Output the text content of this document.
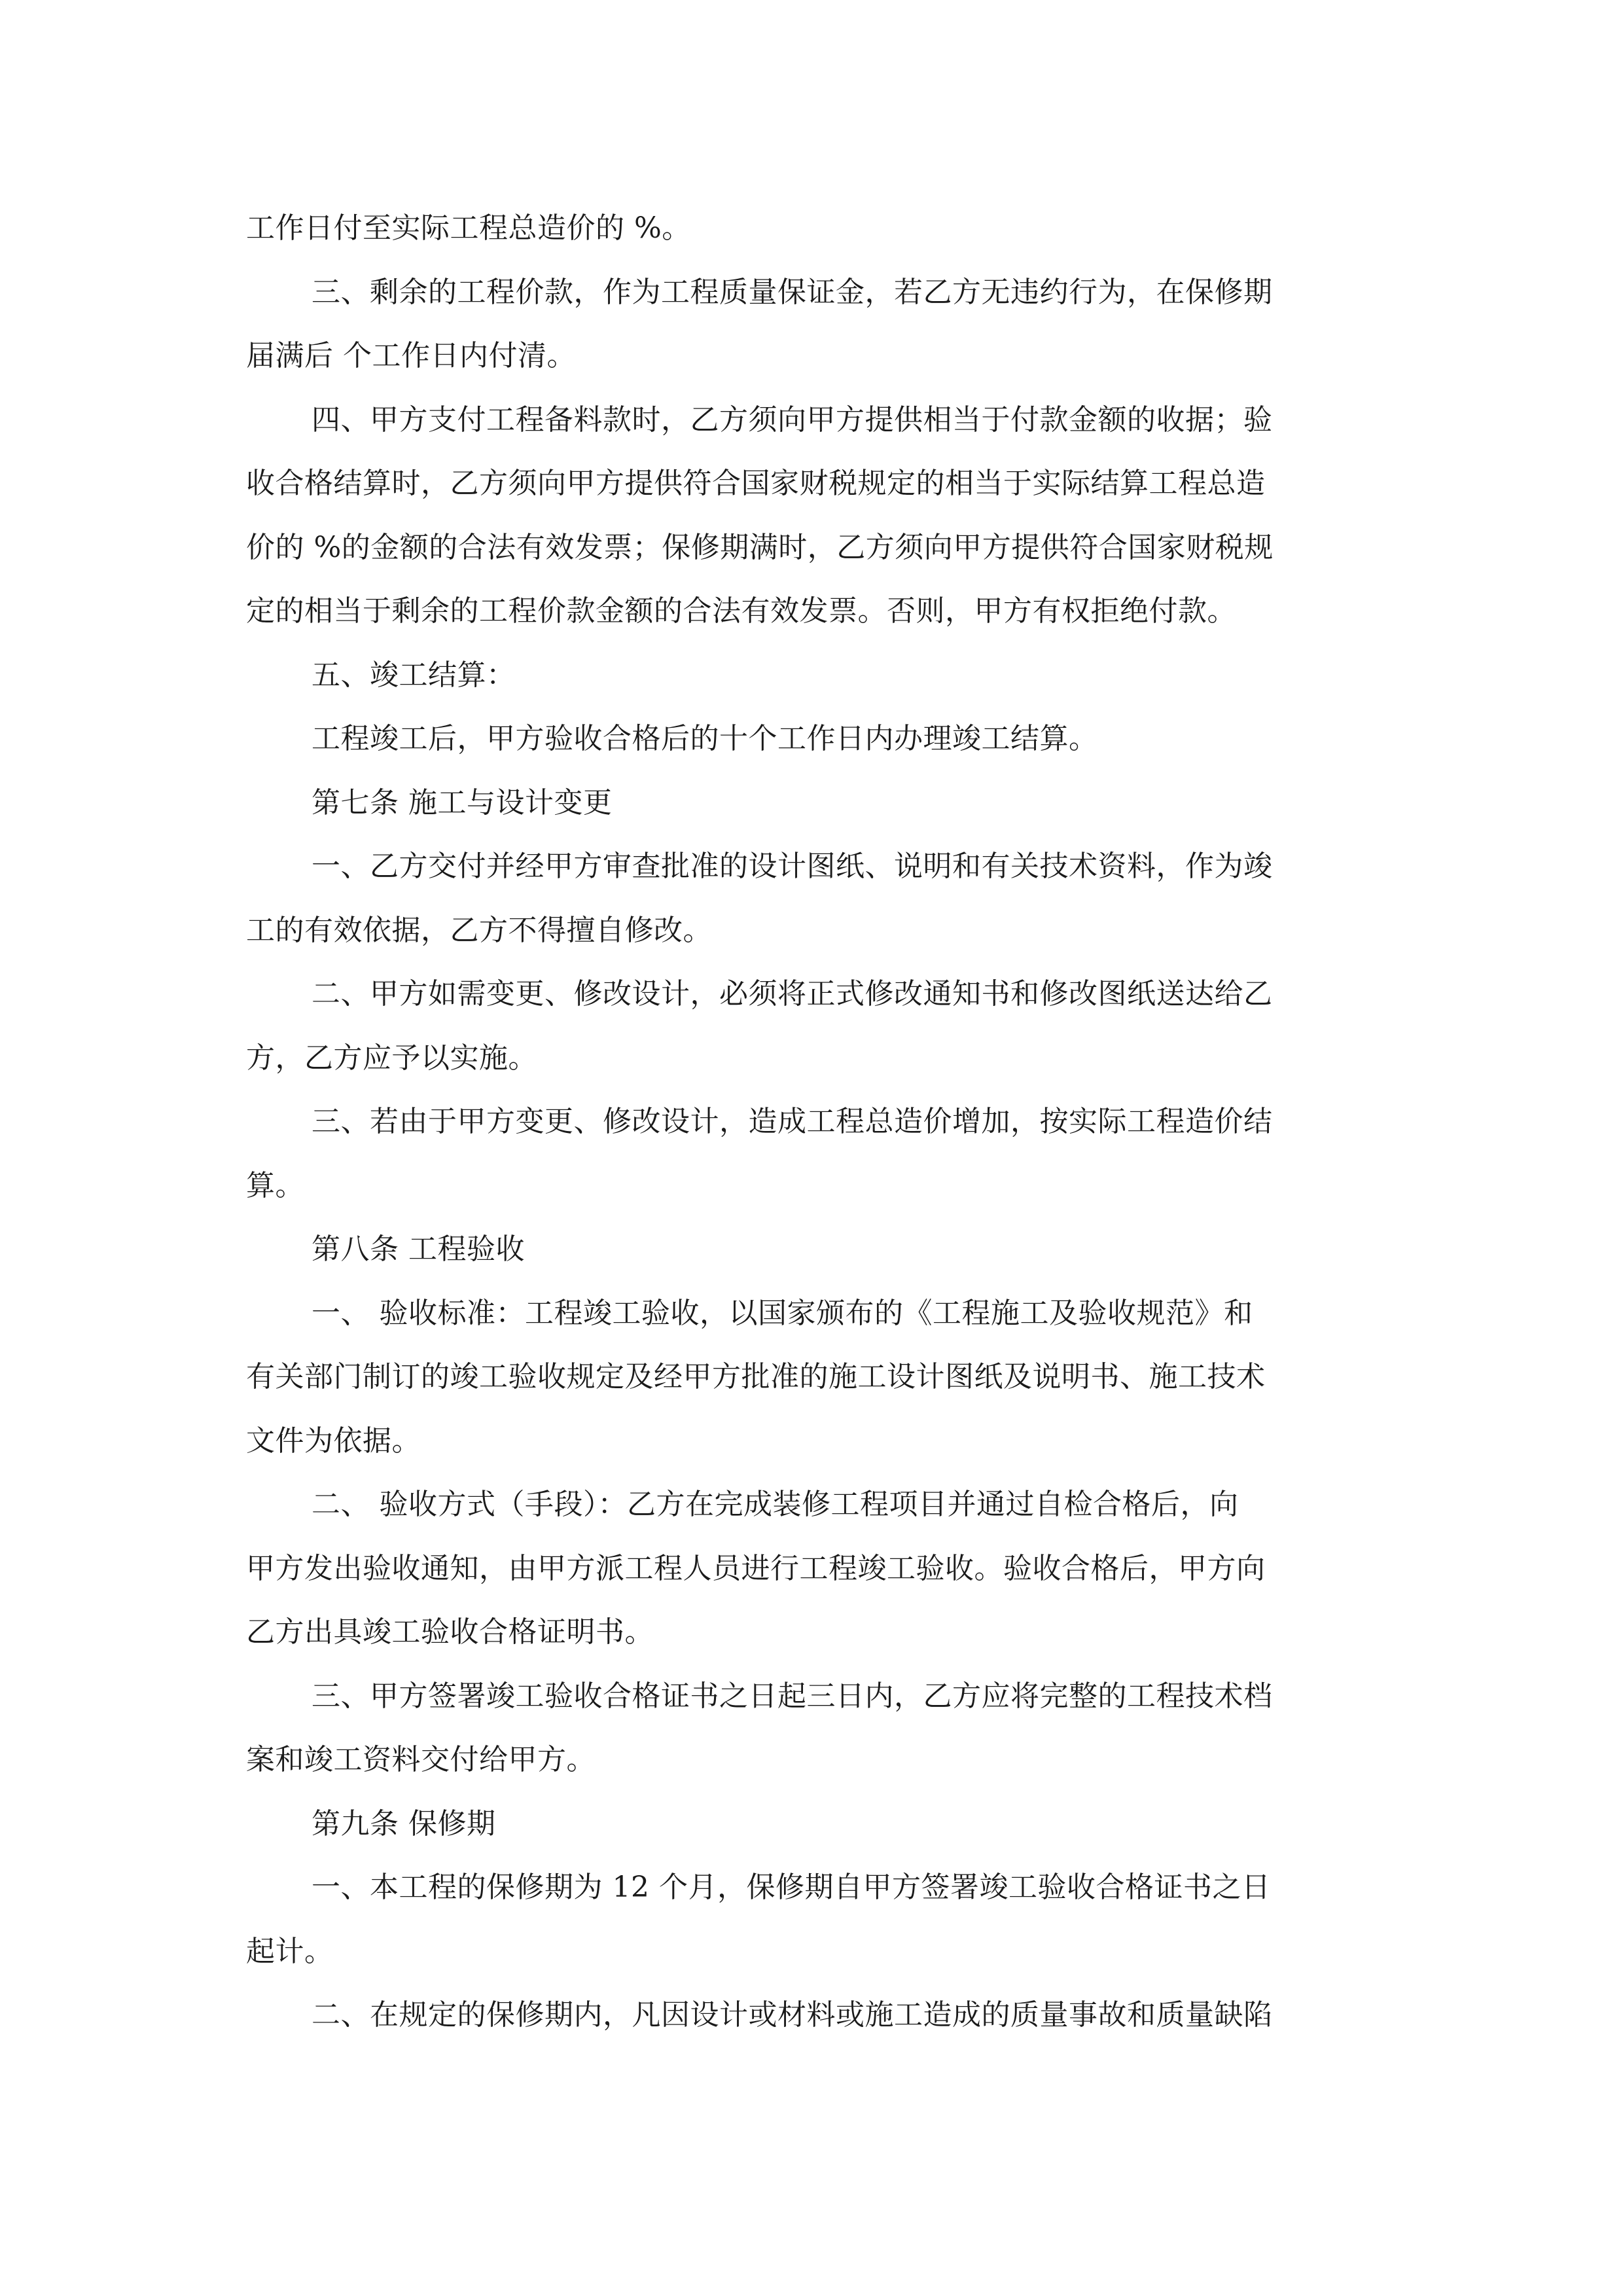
工作日付至实际工程总造价的 %。
三、剩余的工程价款，作为工程质量保证金，若乙方无违约行为，在保修期
届满后 个工作日内付清。
四、甲方支付工程备料款时，乙方须向甲方提供相当于付款金额的收据；验
收合格结算时，乙方须向甲方提供符合国家财税规定的相当于实际结算工程总造
价的 %的金额的合法有效发票；保修期满时，乙方须向甲方提供符合国家财税规
定的相当于剩余的工程价款金额的合法有效发票。否则，甲方有权拒绝付款。
五、竣工结算：
工程竣工后，甲方验收合格后的十个工作日内办理竣工结算。
第七条 施工与设计变更
一、乙方交付并经甲方审查批准的设计图纸、说明和有关技术资料，作为竣
工的有效依据，乙方不得擅自修改。
二、甲方如需变更、修改设计，必须将正式修改通知书和修改图纸送达给乙
方，乙方应予以实施。
三、若由于甲方变更、修改设计，造成工程总造价增加，按实际工程造价结
算。
第八条 工程验收
一、 验收标准：工程竣工验收，以国家颁布的《工程施工及验收规范》和
有关部门制订的竣工验收规定及经甲方批准的施工设计图纸及说明书、施工技术
文件为依据。
二、 验收方式（手段）：乙方在完成装修工程项目并通过自检合格后，向
甲方发出验收通知，由甲方派工程人员进行工程竣工验收。验收合格后，甲方向
乙方出具竣工验收合格证明书。
三、甲方签署竣工验收合格证书之日起三日内，乙方应将完整的工程技术档
案和竣工资料交付给甲方。
第九条 保修期
一、本工程的保修期为 12 个月，保修期自甲方签署竣工验收合格证书之日
起计。
二、在规定的保修期内，凡因设计或材料或施工造成的质量事故和质量缺陷
